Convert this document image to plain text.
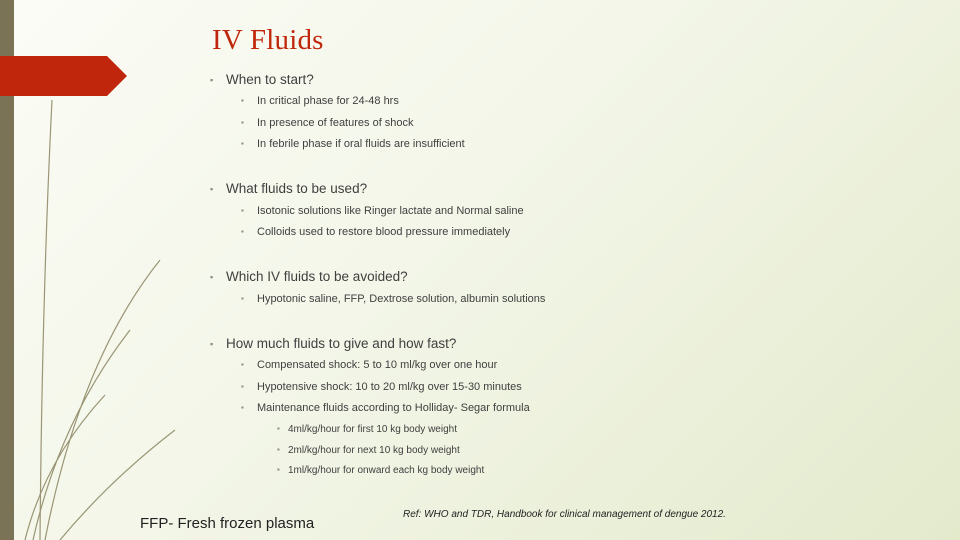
IV Fluids
▪ When to start?
▪ In critical phase for 24-48 hrs
▪ In presence of features of shock
▪ In febrile phase if oral fluids are insufficient
▪ What fluids to be used?
▪ Isotonic solutions like Ringer lactate and Normal saline
▪ Colloids used to restore blood pressure immediately
▪ Which IV fluids to be avoided?
▪ Hypotonic saline, FFP, Dextrose solution, albumin solutions
▪ How much fluids to give and how fast?
▪ Compensated shock: 5 to 10 ml/kg over one hour
▪ Hypotensive shock: 10 to 20 ml/kg over 15-30 minutes
▪ Maintenance fluids according to Holliday- Segar formula
▪ 4ml/kg/hour for first 10 kg body weight
▪ 2ml/kg/hour for next 10 kg body weight
▪ 1ml/kg/hour for onward each kg body weight
FFP- Fresh frozen plasma
Ref: WHO and TDR, Handbook for clinical management of dengue 2012.
